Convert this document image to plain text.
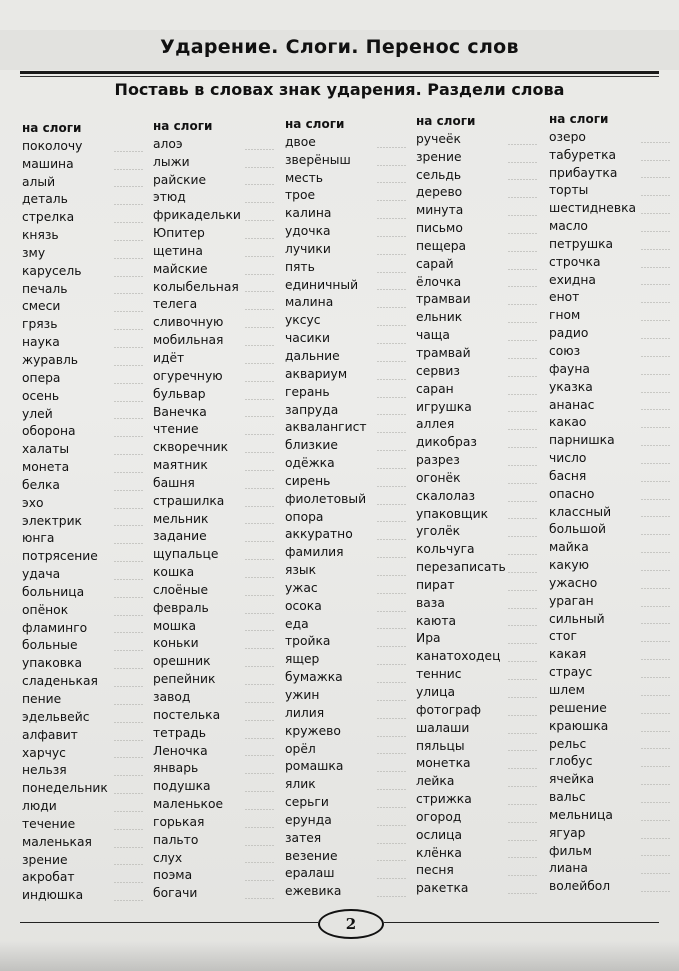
Ударение. Слоги. Перенос слов
Поставь в словах знак ударения. Раздели слова
на слоги
поколочу
машина
алый
деталь
стрелка
князь
зму
карусель
печаль
смеси
грязь
наука
журавль
опера
осень
улей
оборона
халаты
монета
белка
эхо
электрик
юнга
потрясение
удача
больница
опёнок
фламинго
больные
упаковка
сладенькая
пение
эдельвейс
алфавит
харчус
нельзя
понедельник
люди
течение
маленькая
зрение
акробат
индюшка
на слоги
алоэ
лыжи
райские
этюд
фрикадельки
Юпитер
щетина
майские
колыбельная
телега
сливочную
мобильная
идёт
огуречную
бульвар
Ванечка
чтение
скворечник
маятник
башня
страшилка
мельник
задание
щупальце
кошка
слоёные
февраль
мошка
коньки
орешник
репейник
завод
постелька
тетрадь
Леночка
январь
подушка
маленькое
горькая
пальто
слух
поэма
богачи
на слоги
двое
зверёныш
месть
трое
калина
удочка
лучики
пять
единичный
малина
уксус
часики
дальние
аквариум
герань
запруда
аквалангист
близкие
одёжка
сирень
фиолетовый
опора
аккуратно
фамилия
язык
ужас
осока
еда
тройка
ящер
бумажка
ужин
лилия
кружево
орёл
ромашка
ялик
серьги
ерунда
затея
везение
ералаш
ежевика
на слоги
ручеёк
зрение
сельдь
дерево
минута
письмо
пещера
сарай
ёлочка
трамваи
ельник
чаща
трамвай
сервиз
саран
игрушка
аллея
дикобраз
разрез
огонёк
скалолаз
упаковщик
уголёк
кольчуга
перезаписать
пират
ваза
каюта
Ира
канатоходец
теннис
улица
фотограф
шалаши
пяльцы
монетка
лейка
стрижка
огород
ослица
клёнка
песня
ракетка
на слоги
озеро
табуретка
прибаутка
торты
шестидневка
масло
петрушка
строчка
ехидна
енот
гном
радио
союз
фауна
указка
ананас
какао
парнишка
число
басня
опасно
классный
большой
майка
какую
ужасно
ураган
сильный
стог
какая
страус
шлем
решение
краюшка
рельс
глобус
ячейка
вальс
мельница
ягуар
фильм
лиана
волейбол
2
